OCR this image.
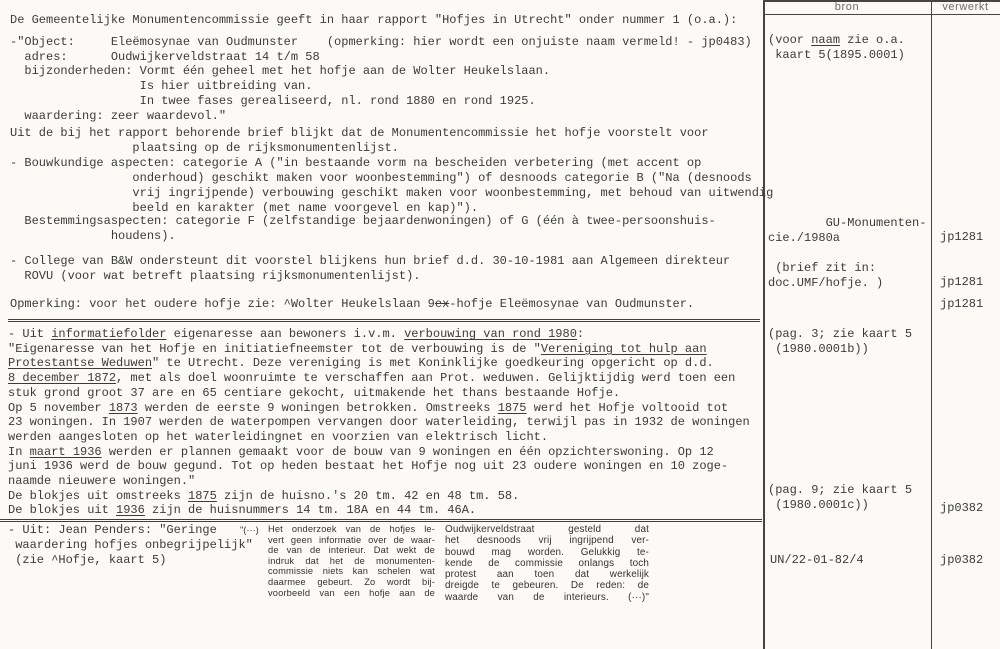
bron	verwerkt
De Gemeentelijke Monumentencommissie geeft in haar rapport "Hofjes in Utrecht" onder nummer 1 (o.a.):
-"Object:     Eleëmosynae van Oudmunster    (opmerking: hier wordt een onjuiste naam vermeld! - jp0483)
adres:      Oudwijkerveldstraat 14 t/m 58
bijzonderheden: Vormt één geheel met het hofje aan de Wolter Heukelslaan.
Is hier uitbreiding van.
In twee fases gerealiseerd, nl. rond 1880 en rond 1925.
waardering: zeer waardevol."
Uit de bij het rapport behorende brief blijkt dat de Monumentencommissie het hofje voorstelt voor
plaatsing op de rijksmonumentenlijst.
- Bouwkundige aspecten: categorie A ("in bestaande vorm na bescheiden verbetering (met accent op
onderhoud) geschikt maken voor woonbestemming") of desnoods categorie B ("Na (desnoods
vrij ingrijpende) verbouwing geschikt maken voor woonbestemming, met behoud van uitwendig
beeld en karakter (met name voorgevel en kap)").
Bestemmingsaspecten: categorie F (zelfstandige bejaardenwoningen) of G (één à twee-persoonshuis-
houdens).
- College van B&W ondersteunt dit voorstel blijkens hun brief d.d. 30-10-1981 aan Algemeen direkteur
ROVU (voor wat betreft plaatsing rijksmonumentenlijst).
Opmerking: voor het oudere hofje zie: ^Wolter Heukelslaan 9ex-hofje Eleëmosynae van Oudmunster.
- Uit informatiefolder eigenaresse aan bewoners i.v.m. verbouwing van rond 1980:
"Eigenaresse van het Hofje en initiatiefneemster tot de verbouwing is de "Vereniging tot hulp aan
Protestantse Weduwen" te Utrecht. Deze vereniging is met Koninklijke goedkeuring opgericht op d.d.
8 december 1872, met als doel woonruimte te verschaffen aan Prot. weduwen. Gelijktijdig werd toen een
stuk grond groot 37 are en 65 centiare gekocht, uitmakende het thans bestaande Hofje.
Op 5 november 1873 werden de eerste 9 woningen betrokken. Omstreeks 1875 werd het Hofje voltooid tot
23 woningen. In 1907 werden de waterpompen vervangen door waterleiding, terwijl pas in 1932 de woningen
werden aangesloten op het waterleidingnet en voorzien van elektrisch licht.
In maart 1936 werden er plannen gemaakt voor de bouw van 9 woningen en één opzichterswoning. Op 12
juni 1936 werd de bouw gegund. Tot op heden bestaat het Hofje nog uit 23 oudere woningen en 10 zoge-
naamde nieuwere woningen."
De blokjes uit omstreeks 1875 zijn de huisno.'s 20 tm. 42 en 48 tm. 58.
De blokjes uit 1936 zijn de huisnummers 14 tm. 18A en 44 tm. 46A.
- Uit: Jean Penders: "Geringe
waardering hofjes onbegrijpelijk"
(zie ^Hofje, kaart 5)
"(···) Het onderzoek van de hofjes le-
vert geen informatie over de waar-
de van de interieur. Dat wekt de
indruk dat het de monumenten-
commissie niets kan schelen wat
daarmee gebeurt. Zo wordt bij-
voorbeeld van een hofje aan de
Oudwijkerveldstraat gesteld dat
het desnoods vrij ingrijpend ver-
bouwd mag worden. Gelukkig te-
kende de commissie onlangs toch
protest aan toen dat werkelijk
dreigde te gebeuren. De reden: de
waarde van de interieurs. (···)"
(voor naam zie o.a.
kaart 5(1895.0001)
GU-Monumenten-
cie./1980a
(brief zit in:
doc.UMF/hofje. )
(pag. 3; zie kaart 5
(1980.0001b))
(pag. 9; zie kaart 5
(1980.0001c))
UN/22-01-82/4
jp1281
jp1281
jp1281
jp0382
jp0382
